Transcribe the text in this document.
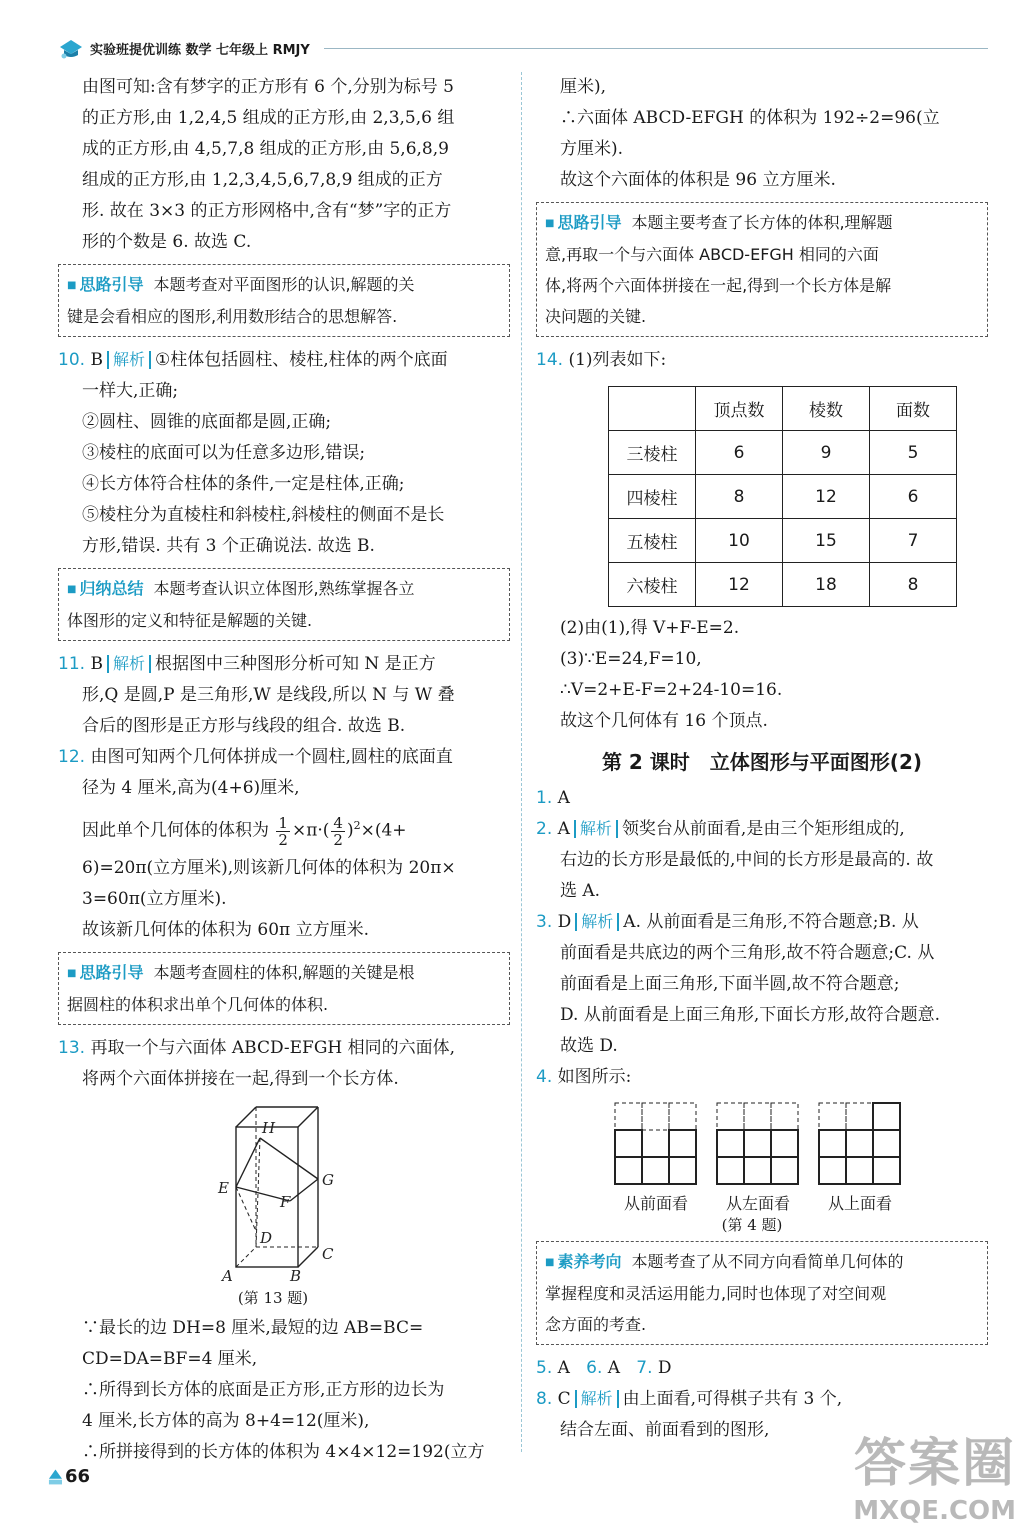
实验班提优训练 数学 七年级上 RMJY

由图可知:含有梦字的正方形有 6 个,分别为标号 5

的正方形,由 1,2,4,5 组成的正方形,由 2,3,5,6 组

成的正方形,由 4,5,7,8 组成的正方形,由 5,6,8,9

组成的正方形,由 1,2,3,4,5,6,7,8,9 组成的正方

形. 故在 3×3 的正方形网格中,含有“梦”字的正方

形的个数是 6. 故选 C.

■ 思路引导 本题考查对平面图形的认识,解题的关
键是会看相应的图形,利用数形结合的思想解答.

10. B 解析 ①柱体包括圆柱、棱柱,柱体的两个底面

一样大,正确;

②圆柱、圆锥的底面都是圆,正确;

③棱柱的底面可以为任意多边形,错误;

④长方体符合柱体的条件,一定是柱体,正确;

⑤棱柱分为直棱柱和斜棱柱,斜棱柱的侧面不是长

方形,错误. 共有 3 个正确说法. 故选 B.

■ 归纳总结 本题考查认识立体图形,熟练掌握各立
体图形的定义和特征是解题的关键.

11. B 解析 根据图中三种图形分析可知 N 是正方

形,Q 是圆,P 是三角形,W 是线段,所以 N 与 W 叠

合后的图形是正方形与线段的组合. 故选 B.

12. 由图可知两个几何体拼成一个圆柱,圆柱的底面直

径为 4 厘米,高为(4+6)厘米,

因此单个几何体的体积为 $\frac{1}{2} \times\pi\cdot( \frac{4}{2} )^2\times(4+$

6)=20π(立方厘米),则该新几何体的体积为 20π×

3=60π(立方厘米).

故该新几何体的体积为 60π 立方厘米.

■ 思路引导 本题考查圆柱的体积,解题的关键是根
据圆柱的体积求出单个几何体的体积.

13. 再取一个与六面体 ABCD-EFGH 相同的六面体,

将两个六面体拼接在一起,得到一个长方体.

H
G
E
F
D
C
A	B
(第 13 题)

∵最长的边 DH=8 厘米,最短的边 AB=BC=

CD=DA=BF=4 厘米,

∴所得到长方体的底面是正方形,正方形的边长为

4 厘米,长方体的高为 8+4=12(厘米),

∴所拼接得到的长方体的体积为 4×4×12=192(立方

厘米),

∴六面体 ABCD-EFGH 的体积为 192÷2=96(立

方厘米).

故这个六面体的体积是 96 立方厘米.

■ 思路引导 本题主要考查了长方体的体积,理解题
意,再取一个与六面体 ABCD-EFGH 相同的六面
体,将两个六面体拼接在一起,得到一个长方体是解
决问题的关键.

14. (1)列表如下:

	顶点数	棱数	面数
三棱柱	6	9	5
四棱柱	8	12	6
五棱柱	10	15	7
六棱柱	12	18	8

(2)由(1),得 V+F-E=2.

(3)∵E=24,F=10,

∴V=2+E-F=2+24-10=16.

故这个几何体有 16 个顶点.

第 2 课时　立体图形与平面图形(2)

1. A

2. A 解析 领奖台从前面看,是由三个矩形组成的,

右边的长方形是最低的,中间的长方形是最高的. 故

选 A.

3. D 解析 A. 从前面看是三角形,不符合题意;B. 从

前面看是共底边的两个三角形,故不符合题意;C. 从

前面看是上面三角形,下面半圆,故不符合题意;

D. 从前面看是上面三角形,下面长方形,故符合题意.

故选 D.

4. 如图所示:

从前面看	从左面看	从上面看
(第 4 题)
■ 素养考向 本题考查了从不同方向看简单几何体的
掌握程度和灵活运用能力,同时也体现了对空间观
念方面的考查.

5. A 6. A 7. D

8. C 解析 由上面看,可得棋子共有 3 个,

结合左面、前面看到的图形,

66	答案圈
MXQE.COM
